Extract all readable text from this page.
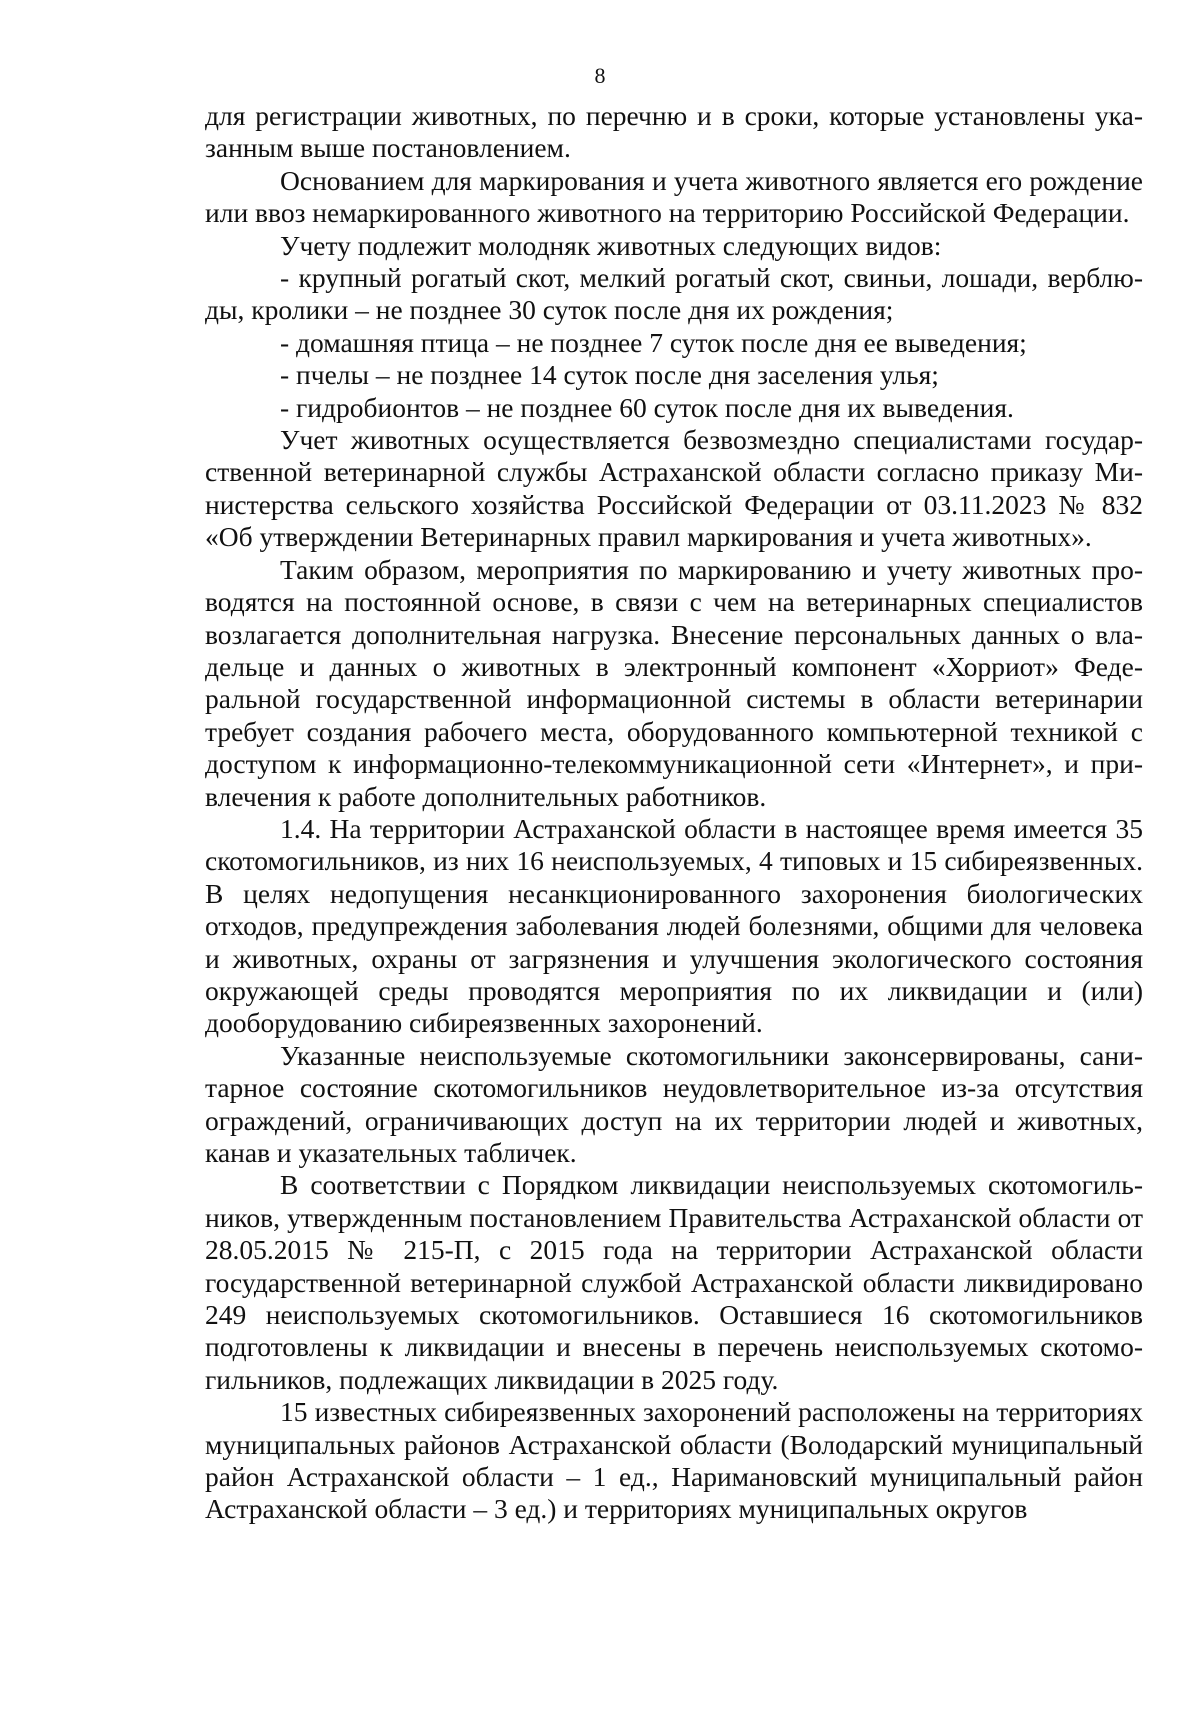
8

для регистрации животных, по перечню и в сроки, которые установлены указанным выше постановлением.

Основанием для маркирования и учета животного является его рождение или ввоз немаркированного животного на территорию Российской Федерации.

Учету подлежит молодняк животных следующих видов:

- крупный рогатый скот, мелкий рогатый скот, свиньи, лошади, верблюды, кролики – не позднее 30 суток после дня их рождения;

- домашняя птица – не позднее 7 суток после дня ее выведения;

- пчелы – не позднее 14 суток после дня заселения улья;

- гидробионтов – не позднее 60 суток после дня их выведения.

Учет животных осуществляется безвозмездно специалистами государственной ветеринарной службы Астраханской области согласно приказу Министерства сельского хозяйства Российской Федерации от 03.11.2023 № 832 «Об утверждении Ветеринарных правил маркирования и учета животных».

Таким образом, мероприятия по маркированию и учету животных проводятся на постоянной основе, в связи с чем на ветеринарных специалистов возлагается дополнительная нагрузка. Внесение персональных данных о владельце и данных о животных в электронный компонент «Хорриот» Федеральной государственной информационной системы в области ветеринарии требует создания рабочего места, оборудованного компьютерной техникой с доступом к информационно-телекоммуникационной сети «Интернет», и привлечения к работе дополнительных работников.

1.4. На территории Астраханской области в настоящее время имеется 35 скотомогильников, из них 16 неиспользуемых, 4 типовых и 15 сибиреязвенных. В целях недопущения несанкционированного захоронения биологических отходов, предупреждения заболевания людей болезнями, общими для человека и животных, охраны от загрязнения и улучшения экологического состояния окружающей среды проводятся мероприятия по их ликвидации и (или) дооборудованию сибиреязвенных захоронений.

Указанные неиспользуемые скотомогильники законсервированы, санитарное состояние скотомогильников неудовлетворительное из-за отсутствия ограждений, ограничивающих доступ на их территории людей и животных, канав и указательных табличек.

В соответствии с Порядком ликвидации неиспользуемых скотомогильников, утвержденным постановлением Правительства Астраханской области от 28.05.2015 № 215-П, с 2015 года на территории Астраханской области государственной ветеринарной службой Астраханской области ликвидировано 249 неиспользуемых скотомогильников. Оставшиеся 16 скотомогильников подготовлены к ликвидации и внесены в перечень неиспользуемых скотомогильников, подлежащих ликвидации в 2025 году.

15 известных сибиреязвенных захоронений расположены на территориях муниципальных районов Астраханской области (Володарский муниципальный район Астраханской области – 1 ед., Наримановский муниципальный район Астраханской области – 3 ед.) и территориях муниципальных округов
